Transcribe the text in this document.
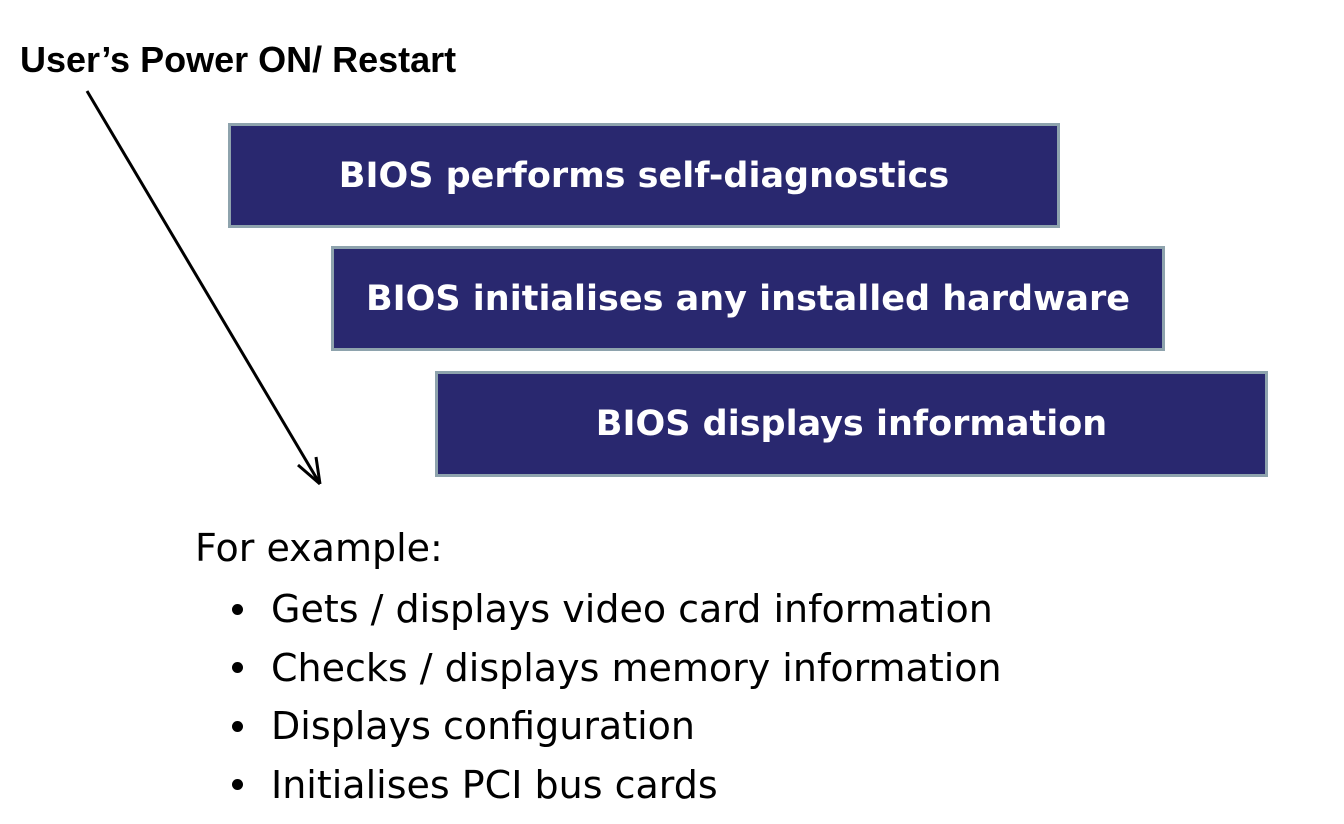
User’s Power ON/ Restart
BIOS performs self-diagnostics
BIOS initialises any installed hardware
BIOS displays information
For example:
Gets / displays video card information
Checks / displays memory information
Displays configuration
Initialises PCI bus cards
